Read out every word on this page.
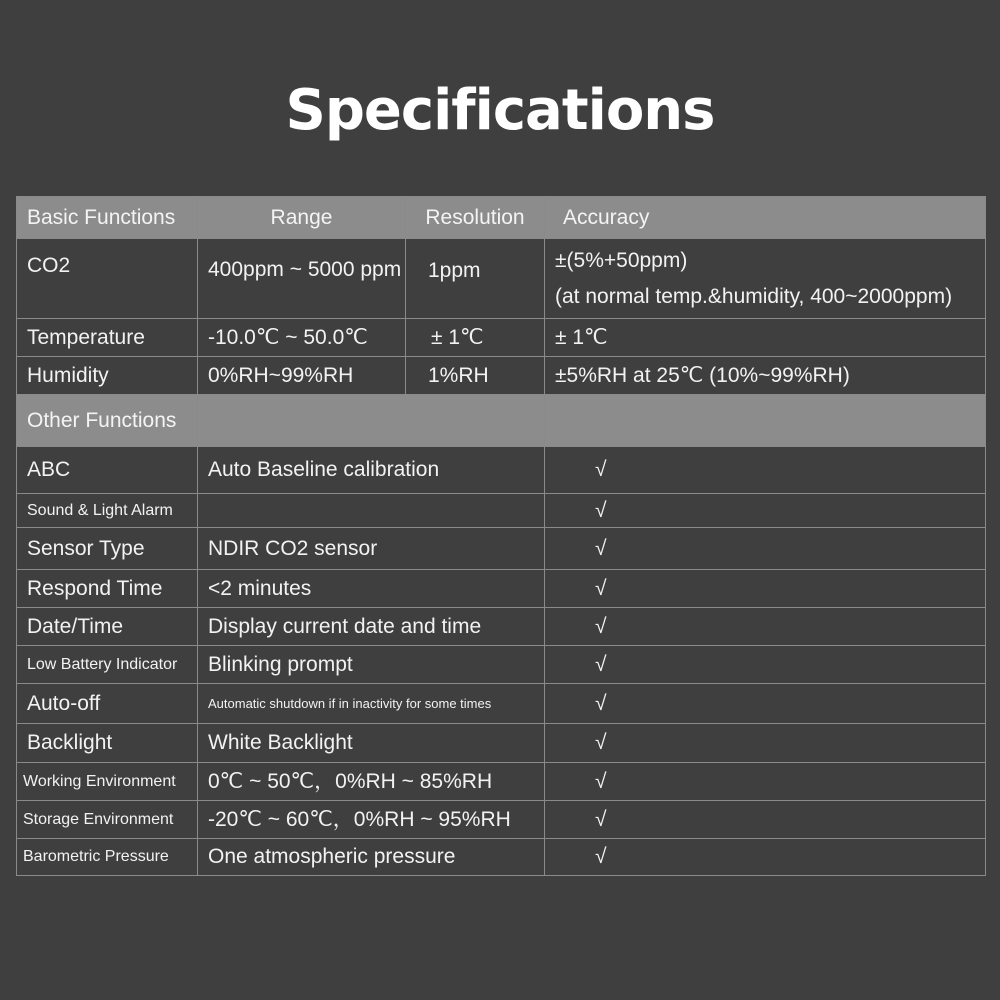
Specifications
Basic Functions	Range	Resolution	Accuracy
CO2	400ppm ~ 5000 ppm	1ppm	±(5%+50ppm)
(at normal temp.&humidity, 400~2000ppm)

Temperature	-10.0℃ ~ 50.0℃	± 1℃	± 1℃
Humidity	0%RH~99%RH	1%RH	±5%RH at 25℃ (10%~99%RH)
Other Functions			
ABC	Auto Baseline calibration		√
Sound & Light Alarm			√
Sensor Type	NDIR CO2 sensor		√
Respond Time	<2 minutes		√
Date/Time	Display current date and time		√
Low Battery Indicator	Blinking prompt		√
Auto-off	Automatic shutdown if in inactivity for some times		√
Backlight	White Backlight		√
Working Environment	0℃ ~ 50℃，0%RH ~ 85%RH		√
Storage Environment	-20℃ ~ 60℃，0%RH ~ 95%RH		√
Barometric Pressure	One atmospheric pressure		√
